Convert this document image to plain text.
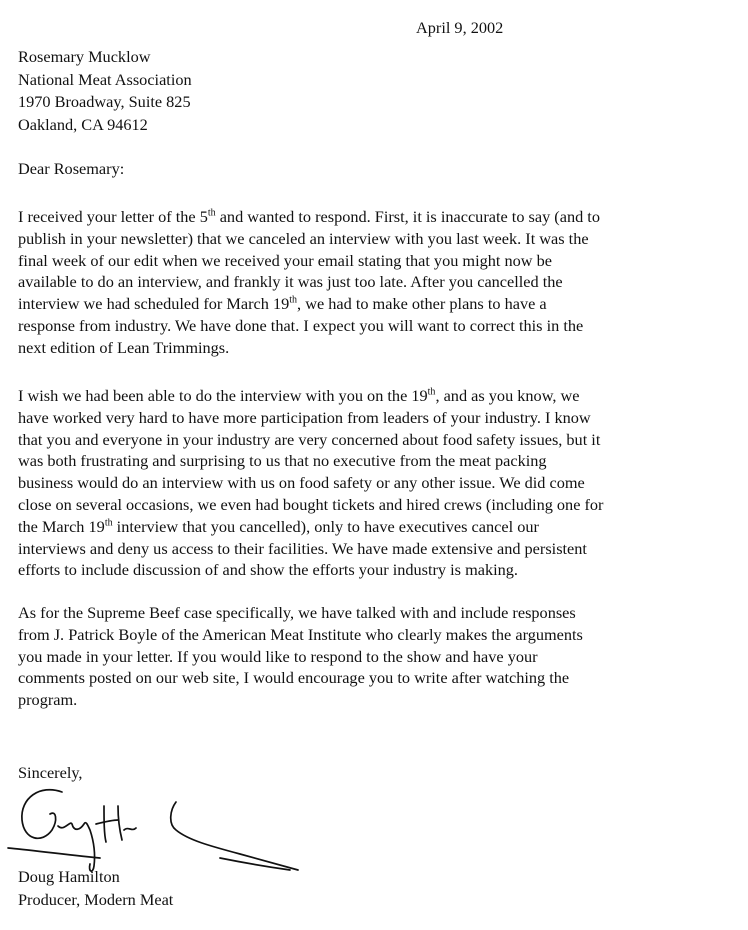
April 9, 2002
Rosemary Mucklow
National Meat Association
1970 Broadway, Suite 825
Oakland, CA 94612
Dear Rosemary:
I received your letter of the 5th and wanted to respond. First, it is inaccurate to say (and to
publish in your newsletter) that we canceled an interview with you last week. It was the
final week of our edit when we received your email stating that you might now be
available to do an interview, and frankly it was just too late. After you cancelled the
interview we had scheduled for March 19th, we had to make other plans to have a
response from industry. We have done that. I expect you will want to correct this in the
next edition of Lean Trimmings.
I wish we had been able to do the interview with you on the 19th, and as you know, we
have worked very hard to have more participation from leaders of your industry. I know
that you and everyone in your industry are very concerned about food safety issues, but it
was both frustrating and surprising to us that no executive from the meat packing
business would do an interview with us on food safety or any other issue. We did come
close on several occasions, we even had bought tickets and hired crews (including one for
the March 19th interview that you cancelled), only to have executives cancel our
interviews and deny us access to their facilities. We have made extensive and persistent
efforts to include discussion of and show the efforts your industry is making.
As for the Supreme Beef case specifically, we have talked with and include responses
from J. Patrick Boyle of the American Meat Institute who clearly makes the arguments
you made in your letter. If you would like to respond to the show and have your
comments posted on our web site, I would encourage you to write after watching the
program.
Sincerely,
Doug Hamilton
Producer, Modern Meat
